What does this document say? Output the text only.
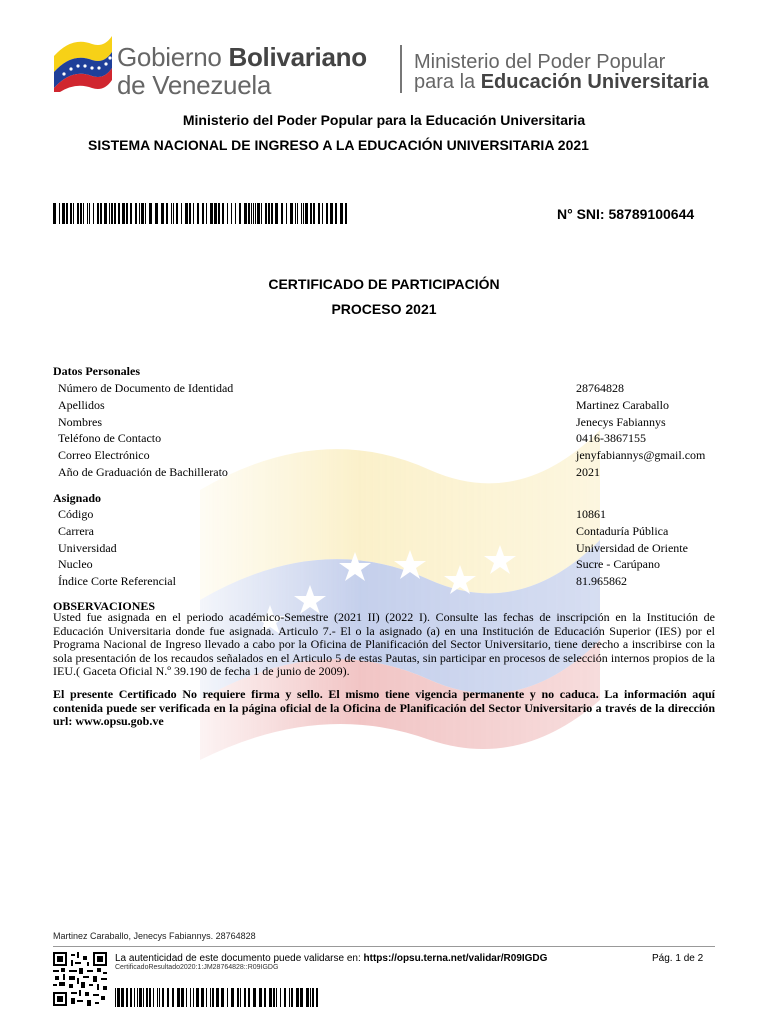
Gobierno Bolivariano
de Venezuela
Ministerio del Poder Popular
para la Educación Universitaria
Ministerio del Poder Popular para la Educación Universitaria
SISTEMA NACIONAL DE INGRESO A LA EDUCACIÓN UNIVERSITARIA 2021
N° SNI: 58789100644
CERTIFICADO DE PARTICIPACIÓN
PROCESO 2021
Datos Personales
Número de Documento de Identidad	28764828
Apellidos	Martinez Caraballo
Nombres	Jenecys Fabiannys
Teléfono de Contacto	0416-3867155
Correo Electrónico	jenyfabiannys@gmail.com
Año de Graduación de Bachillerato	2021
Asignado
Código	10861
Carrera	Contaduría Pública
Universidad	Universidad de Oriente
Nucleo	Sucre - Carúpano
Índice Corte Referencial	81.965862
OBSERVACIONES
Usted fue asignada en el periodo académico-Semestre (2021 II) (2022 I). Consulte las fechas de inscripción en la Institución de Educación Universitaria donde fue asignada. Articulo 7.- El o la asignado (a) en una Institución de Educación Superior (IES) por el Programa Nacional de Ingreso llevado a cabo por la Oficina de Planificación del Sector Universitario, tiene derecho a inscribirse con la sola presentación de los recaudos señalados en el Articulo 5 de estas Pautas, sin participar en procesos de selección internos propios de la IEU.( Gaceta Oficial N.º 39.190 de fecha 1 de junio de 2009).
El presente Certificado No requiere firma y sello. El mismo tiene vigencia permanente y no caduca. La información aquí contenida puede ser verificada en la página oficial de la Oficina de Planificación del Sector Universitario a través de la dirección url: www.opsu.gob.ve
Martinez Caraballo, Jenecys Fabiannys. 28764828
La autenticidad de este documento puede validarse en: https://opsu.terna.net/validar/R09IGDG
CertificadoResultado2020:1:JM28764828::R09IGDG
Pág. 1 de 2
